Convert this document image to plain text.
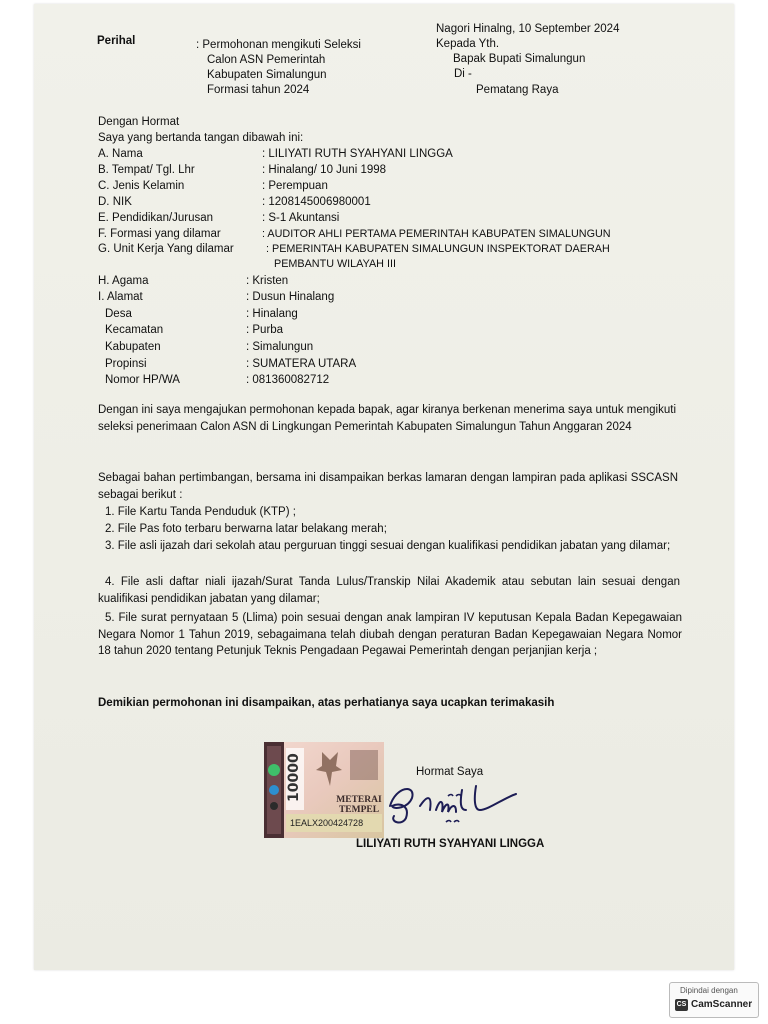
Perihal	: Permohonan mengikuti Seleksi
Calon ASN Pemerintah
Kabupaten Simalungun
Formasi tahun 2024
Nagori Hinalng, 10 September 2024
Kepada Yth.
Bapak Bupati Simalungun
Di -
Pematang Raya
Dengan Hormat
Saya yang bertanda tangan dibawah ini:
A. Nama	: LILIYATI RUTH SYAHYANI LINGGA
B. Tempat/ Tgl. Lhr	: Hinalang/ 10 Juni 1998
C. Jenis Kelamin	: Perempuan
D. NIK	: 1208145006980001
E. Pendidikan/Jurusan	: S-1 Akuntansi
F. Formasi yang dilamar	: AUDITOR AHLI PERTAMA PEMERINTAH KABUPATEN SIMALUNGUN
G. Unit Kerja Yang dilamar	: PEMERINTAH KABUPATEN SIMALUNGUN INSPEKTORAT DAERAH
PEMBANTU WILAYAH III
H. Agama	: Kristen
I. Alamat	: Dusun Hinalang
Desa	: Hinalang
Kecamatan	: Purba
Kabupaten	: Simalungun
Propinsi	: SUMATERA UTARA
Nomor HP/WA	: 081360082712
Dengan ini saya mengajukan permohonan kepada bapak, agar kiranya berkenan menerima saya untuk mengikuti seleksi penerimaan Calon ASN di Lingkungan Pemerintah Kabupaten Simalungun Tahun Anggaran 2024
Sebagai bahan pertimbangan, bersama ini disampaikan berkas lamaran dengan lampiran pada aplikasi SSCASN sebagai berikut :
1. File Kartu Tanda Penduduk (KTP) ;
2. File Pas foto terbaru berwarna latar belakang merah;
3. File asli ijazah dari sekolah atau perguruan tinggi sesuai dengan kualifikasi pendidikan jabatan yang dilamar;
4. File asli daftar niali ijazah/Surat Tanda Lulus/Transkip Nilai Akademik atau sebutan lain sesuai dengan kualifikasi pendidikan jabatan yang dilamar;
5. File surat pernyataan 5 (Llima) poin sesuai dengan anak lampiran IV keputusan Kepala Badan Kepegawaian Negara Nomor 1 Tahun 2019, sebagaimana telah diubah dengan peraturan Badan Kepegawaian Negara Nomor 18 tahun 2020 tentang Petunjuk Teknis Pengadaan Pegawai Pemerintah dengan perjanjian kerja ;
Demikian permohonan ini disampaikan, atas perhatianya saya ucapkan terimakasih
10000	METERAI TEMPEL
1EALX200424728
Hormat Saya
LILIYATI RUTH SYAHYANI LINGGA
Dipindai dengan
CS CamScanner
